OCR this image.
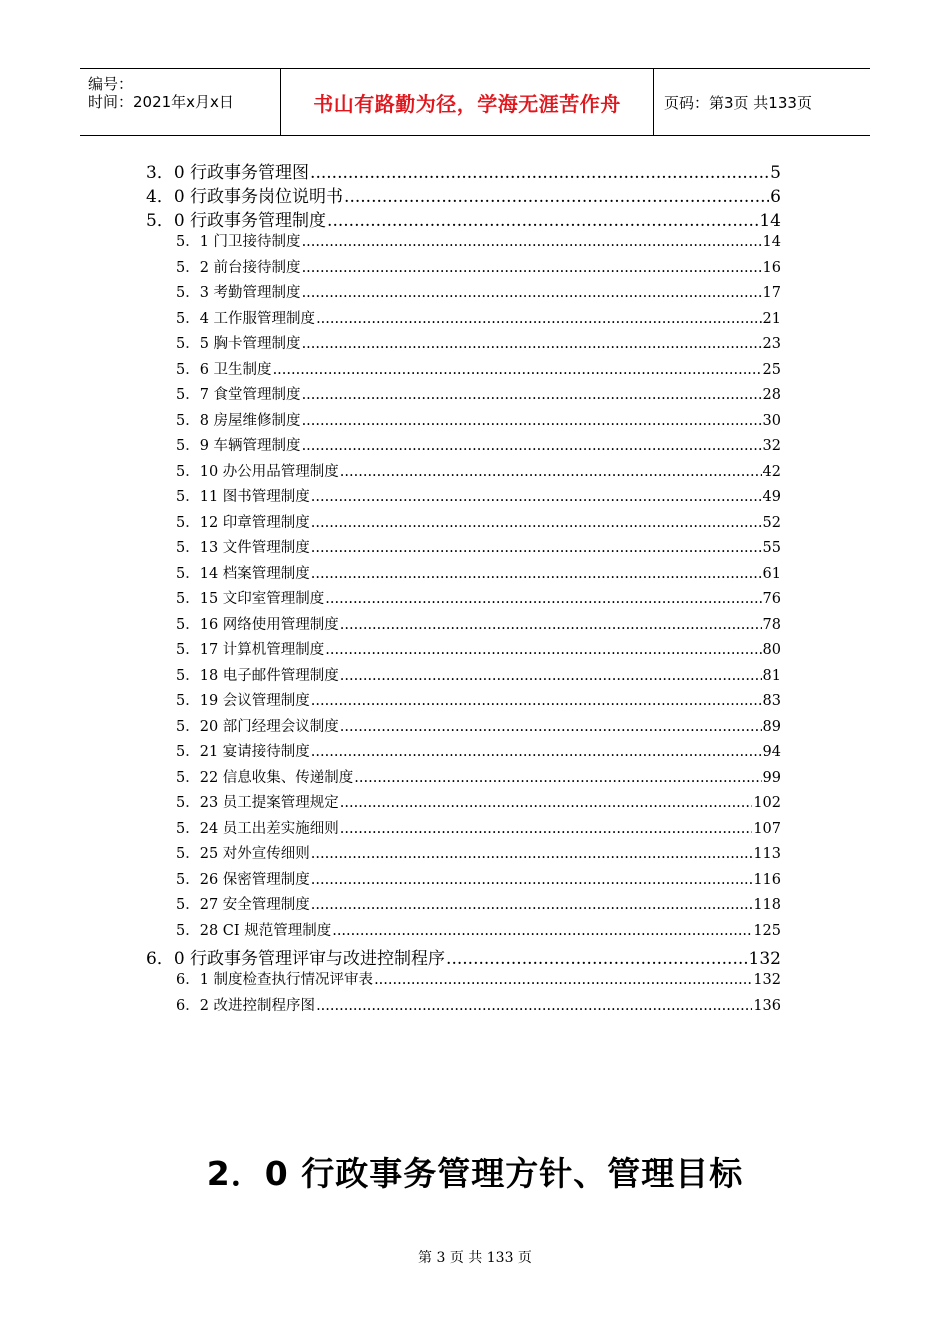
编号：
时间：2021年x月x日	书山有路勤为径，学海无涯苦作舟	页码：第3页 共133页
3．0 行政事务管理图 .....	5
4．0 行政事务岗位说明书 .....	6
5．0 行政事务管理制度 .....	14
5．1 门卫接待制度 .....	14
5．2 前台接待制度 .....	16
5．3 考勤管理制度 .....	17
5．4 工作服管理制度 .....	21
5．5 胸卡管理制度 .....	23
5．6 卫生制度 .....	25
5．7 食堂管理制度 .....	28
5．8 房屋维修制度 .....	30
5．9 车辆管理制度 .....	32
5．10 办公用品管理制度 .....	42
5．11 图书管理制度 .....	49
5．12 印章管理制度 .....	52
5．13 文件管理制度 .....	55
5．14 档案管理制度 .....	61
5．15 文印室管理制度 .....	76
5．16 网络使用管理制度 .....	78
5．17 计算机管理制度 .....	80
5．18 电子邮件管理制度 .....	81
5．19 会议管理制度 .....	83
5．20 部门经理会议制度 .....	89
5．21 宴请接待制度 .....	94
5．22 信息收集、传递制度 .....	99
5．23 员工提案管理规定 .....	102
5．24 员工出差实施细则 .....	107
5．25 对外宣传细则 .....	113
5．26 保密管理制度 .....	116
5．27 安全管理制度 .....	118
5．28 CI 规范管理制度 .....	125
6．0 行政事务管理评审与改进控制程序 .....	132
6．1 制度检查执行情况评审表 .....	132
6．2 改进控制程序图 .....	136
2．0 行政事务管理方针、管理目标
第 3 页 共 133 页
